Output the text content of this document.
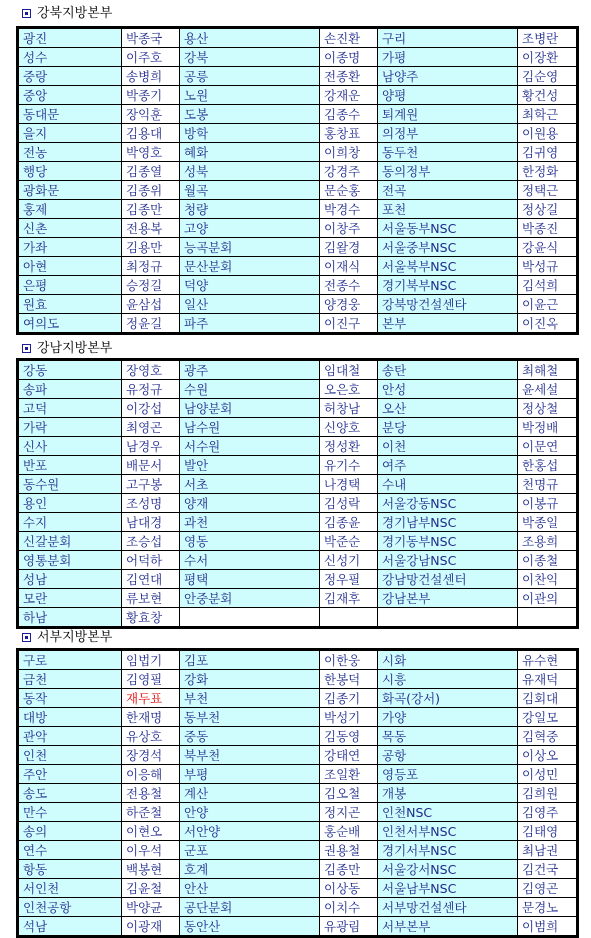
강북지방본부
광진	박종국	용산	손진환	구리	조병란
성수	이주호	강북	이종명	가평	이장환
중랑	송병희	공릉	전종환	남양주	김순영
중앙	박종기	노원	강재운	양평	황건성
동대문	장익훈	도봉	김종수	퇴계원	최학근
을지	김용대	방학	홍창표	의정부	이원용
전농	박영호	혜화	이희창	동두천	김귀영
행당	김종열	성북	강경주	동의정부	한정화
광화문	김종위	월곡	문순홍	전곡	정택근
홍제	김종만	청량	박경수	포천	정상길
신촌	전용복	고양	이창주	서울동부NSC	박종진
가좌	김용만	능곡분회	김왈경	서울중부NSC	강윤식
아현	최정규	문산분회	이재식	서울북부NSC	박성규
은평	승정길	덕양	전종수	경기북부NSC	김석희
원효	윤삼섭	일산	양경웅	강북망건설센타	이윤근
여의도	정윤길	파주	이진구	본부	이진옥
강남지방본부
강동	장영호	광주	임대철	송탄	최해철
송파	유정규	수원	오은호	안성	윤세설
고덕	이강섭	남양분회	허창남	오산	정상철
가락	최영곤	남수원	신양호	분당	박정배
신사	남경우	서수원	정성환	이천	이문연
반포	배문서	발안	유기수	여주	한홍섭
동수원	고구봉	서초	나경택	수내	천명규
용인	조성명	양재	김성락	서울강동NSC	이봉규
수지	남대경	과천	김종윤	경기남부NSC	박종일
신갈분회	조승섭	영동	박준순	경기동부NSC	조용희
영통분회	어덕하	수서	신성기	서울강남NSC	이종철
성남	김연대	평택	정우필	강남망건설센터	이찬익
모란	류보현	안중분회	김재후	강남본부	이관의
하남	황효창				
서부지방본부
구로	임법기	김포	이한웅	시화	유수현
금천	김영필	강화	한봉덕	시흥	유재덕
동작	재두표	부천	김종기	화곡(강서)	김회대
대방	한재명	동부천	박성기	가양	강일모
관악	유상호	중동	김동영	목동	김혁중
인천	장경석	북부천	강태연	공항	이상오
주안	이응해	부평	조일환	영등포	이성민
송도	전용철	계산	김오철	개봉	김희원
만수	하준철	안양	정지곤	인천NSC	김영주
송의	이현오	서안양	홍순배	인천서부NSC	김태영
연수	이우석	군포	권용철	경기서부NSC	최남권
항동	백봉현	호계	김종만	서울강서NSC	김건국
서인천	김윤철	안산	이상동	서울남부NSC	김영곤
인천공항	박양균	공단분회	이치수	서부망건설센타	문경노
석남	이광재	동안산	유광림	서부본부	이범희
